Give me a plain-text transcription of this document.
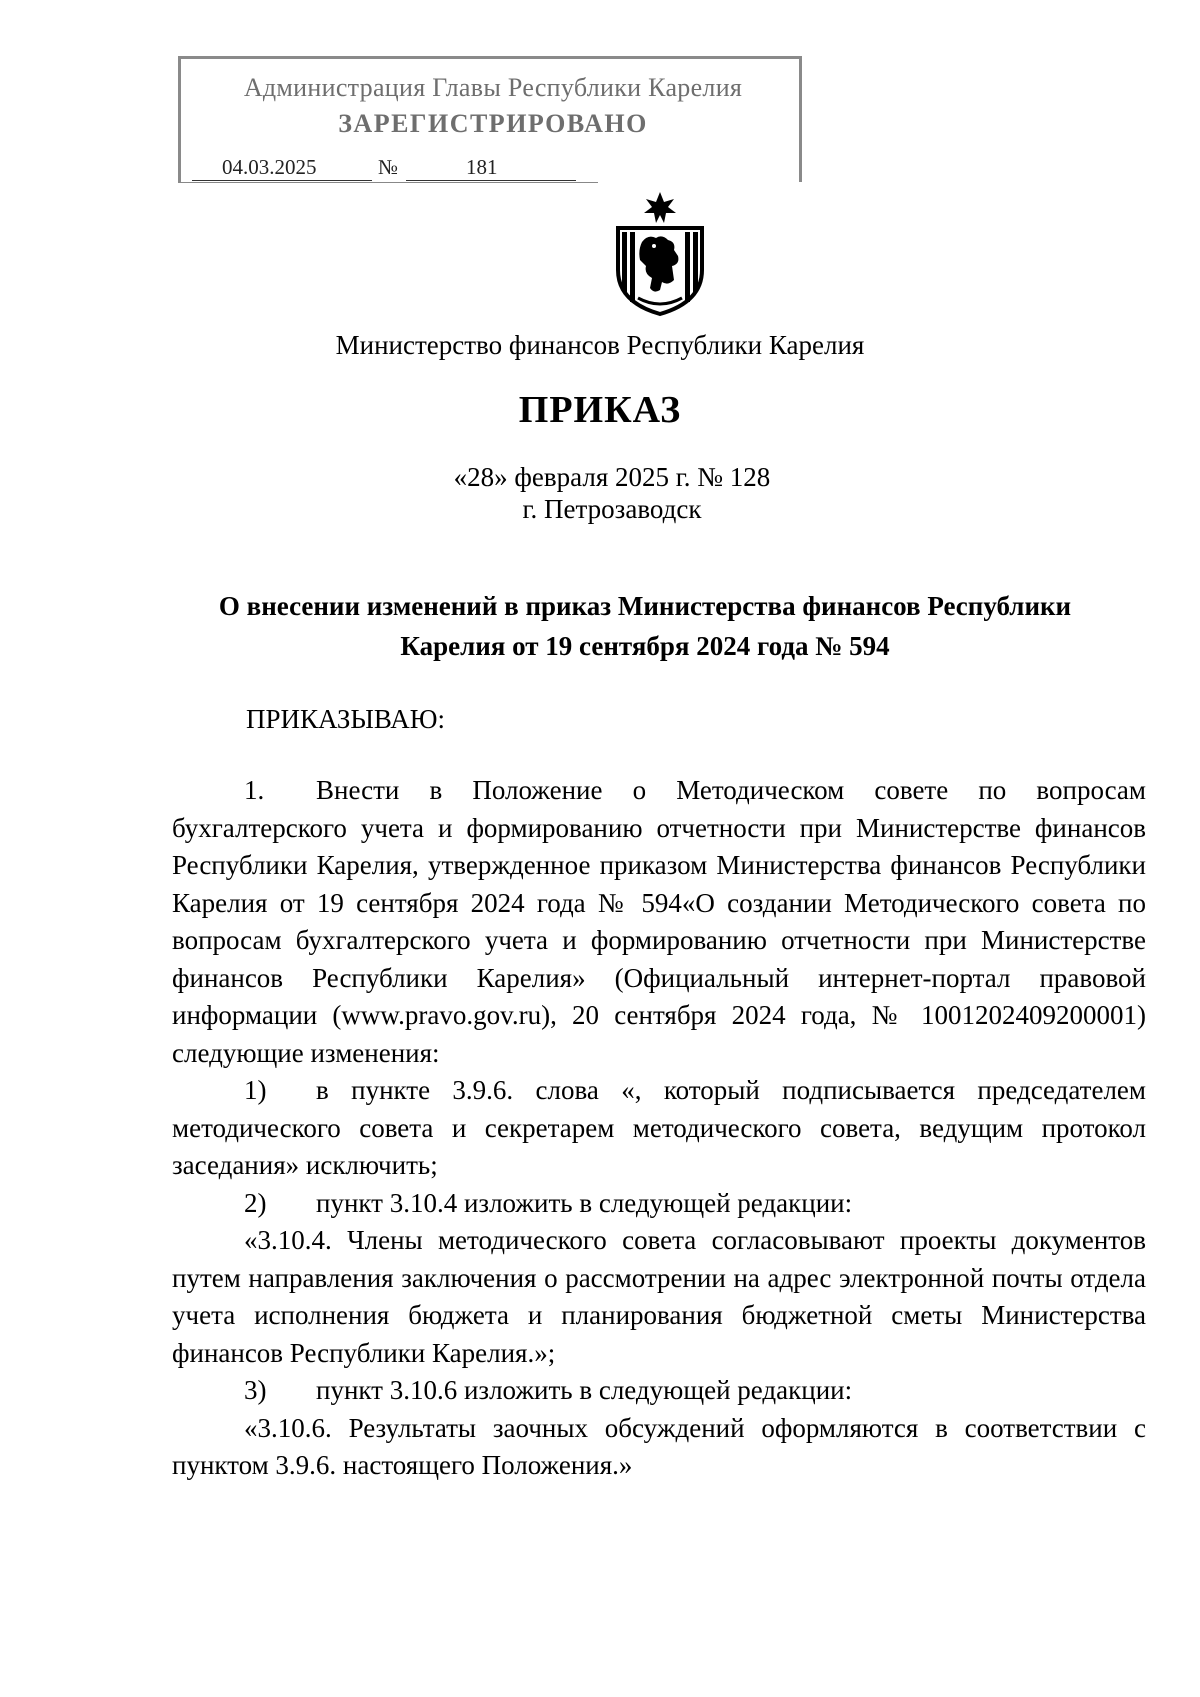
Администрация Главы Республики Карелия
ЗАРЕГИСТРИРОВАНО
04.03.2025	№	181
Министерство финансов Республики Карелия
ПРИКАЗ
«28» февраля 2025 г. № 128
г. Петрозаводск
О внесении изменений в приказ Министерства финансов Республики
Карелия от 19 сентября 2024 года № 594
ПРИКАЗЫВАЮ:

1. Внести в Положение о Методическом совете по вопросам бухгалтерского учета и формированию отчетности при Министерстве финансов Республики Карелия, утвержденное приказом Министерства финансов Республики Карелия от 19 сентября 2024 года № 594«О создании Методического совета по вопросам бухгалтерского учета и формированию отчетности при Министерстве финансов Республики Карелия» (Официальный интернет-портал правовой информации (www.pravo.gov.ru), 20 сентября 2024 года, № 1001202409200001) следующие изменения:

1) в пункте 3.9.6. слова «, который подписывается председателем методического совета и секретарем методического совета, ведущим протокол заседания» исключить;

2) пункт 3.10.4 изложить в следующей редакции:

«3.10.4. Члены методического совета согласовывают проекты документов путем направления заключения о рассмотрении на адрес электронной почты отдела учета исполнения бюджета и планирования бюджетной сметы Министерства финансов Республики Карелия.»;

3) пункт 3.10.6 изложить в следующей редакции:

«3.10.6. Результаты заочных обсуждений оформляются в соответствии с пунктом 3.9.6. настоящего Положения.»
